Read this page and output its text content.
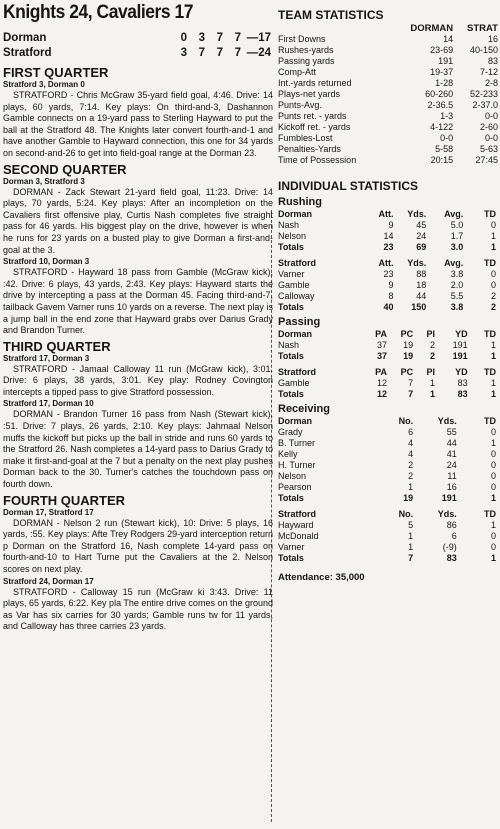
Knights 24, Cavaliers 17
Dorman	0	3	7	7	—17
Stratford	3	7	7	7	—24
FIRST QUARTER
Stratford 3, Dorman 0
STRATFORD - Chris McGraw 35-yard field goal, 4:46. Drive: 14 plays, 60 yards, 7:14. Key plays: On third-and-3, Dashannon Gamble connects on a 19-yard pass to Sterling Hayward to put the ball at the Stratford 48. The Knights later convert fourth-and-1 and have another Gamble to Hayward connection, this one for 34 yards on second-and-26 to get into field-goal range at the Dorman 23.
SECOND QUARTER
Dorman 3, Stratford 3
DORMAN - Zack Stewart 21-yard field goal, 11:23. Drive: 14 plays, 70 yards, 5:24. Key plays: After an incompletion on the Cavaliers first offensive play, Curtis Nash completes five straight pass for 46 yards. His biggest play on the drive, however is when he runs for 23 yards on a busted play to give Dorman a first-and-goal at the 3.
Stratford 10, Dorman 3
STRATFORD - Hayward 18 pass from Gamble (McGraw kick), :42. Drive: 6 plays, 43 yards, 2:43. Key plays: Hayward starts the drive by intercepting a pass at the Dorman 45. Facing third-and-7, tailback Gavem Varner runs 10 yards on a reverse. The next play is a jump ball in the end zone that Hayward grabs over Darius Grady and Brandon Turner.
THIRD QUARTER
Stratford 17, Dorman 3
STRATFORD - Jamaal Calloway 11 run (McGraw kick), 3:01. Drive: 6 plays, 38 yards, 3:01. Key play: Rodney Covington intercepts a tipped pass to give Stratford possession.
Stratford 17, Dorman 10
DORMAN - Brandon Turner 16 pass from Nash (Stewart kick), :51. Drive: 7 plays, 26 yards, 2:10. Key plays: Jahmaal Nelson muffs the kickoff but picks up the ball in stride and runs 60 yards to the Stratford 26. Nash completes a 14-yard pass to Darius Grady to make it first-and-goal at the 7 but a penalty on the next play pushes Dorman back to the 30. Turner's catches the touchdown pass on fourth down.
FOURTH QUARTER
Dorman 17, Stratford 17
DORMAN - Nelson 2 run (Stewart kick), 10: Drive: 5 plays, 16 yards, :55. Key plays: Afte Trey Rodgers 29-yard interception return p Dorman on the Stratford 16, Nash complete 14-yard pass on fourth-and-10 to Hart Turne put the Cavaliers at the 2. Nelson scores on next play.
Stratford 24, Dorman 17
STRATFORD - Calloway 15 run (McGraw ki 3:43. Drive: 11 plays, 65 yards, 6:22. Key pla The entire drive comes on the ground as Var has six carries for 30 yards; Gamble runs tw for 11 yards, and Calloway has three carries 23 yards.
TEAM STATISTICS
	DORMAN	STRAT
First Downs	14	16
Rushes-yards	23-69	40-150
Passing yards	191	83
Comp-Att	19-37	7-12
Int.-yards returned	1-28	2-8
Plays-net yards	60-260	52-233
Punts-Avg.	2-36.5	2-37.0
Punts ret. - yards	1-3	0-0
Kickoff ret. - yards	4-122	2-60
Fumbles-Lost	0-0	0-0
Penalties-Yards	5-58	5-63
Time of Possession	20:15	27:45
INDIVIDUAL STATISTICS
Rushing
Dorman	Att.	Yds.	Avg.	TD
Nash	9	45	5.0	0
Nelson	14	24	1.7	1
Totals	23	69	3.0	1
Stratford	Att.	Yds.	Avg.	TD
Varner	23	88	3.8	0
Gamble	9	18	2.0	0
Calloway	8	44	5.5	2
Totals	40	150	3.8	2
Passing
Dorman	PA	PC	PI	YD	TD
Nash	37	19	2	191	1
Totals	37	19	2	191	1
Stratford	PA	PC	PI	YD	TD
Gamble	12	7	1	83	1
Totals	12	7	1	83	1
Receiving
Dorman	No.	Yds.	TD
Grady	6	55	0
B. Turner	4	44	1
Kelly	4	41	0
H. Turner	2	24	0
Nelson	2	11	0
Pearson	1	16	0
Totals	19	191	1
Stratford	No.	Yds.	TD
Hayward	5	86	1
McDonald	1	6	0
Varner	1	(-9)	0
Totals	7	83	1
Attendance: 35,000
